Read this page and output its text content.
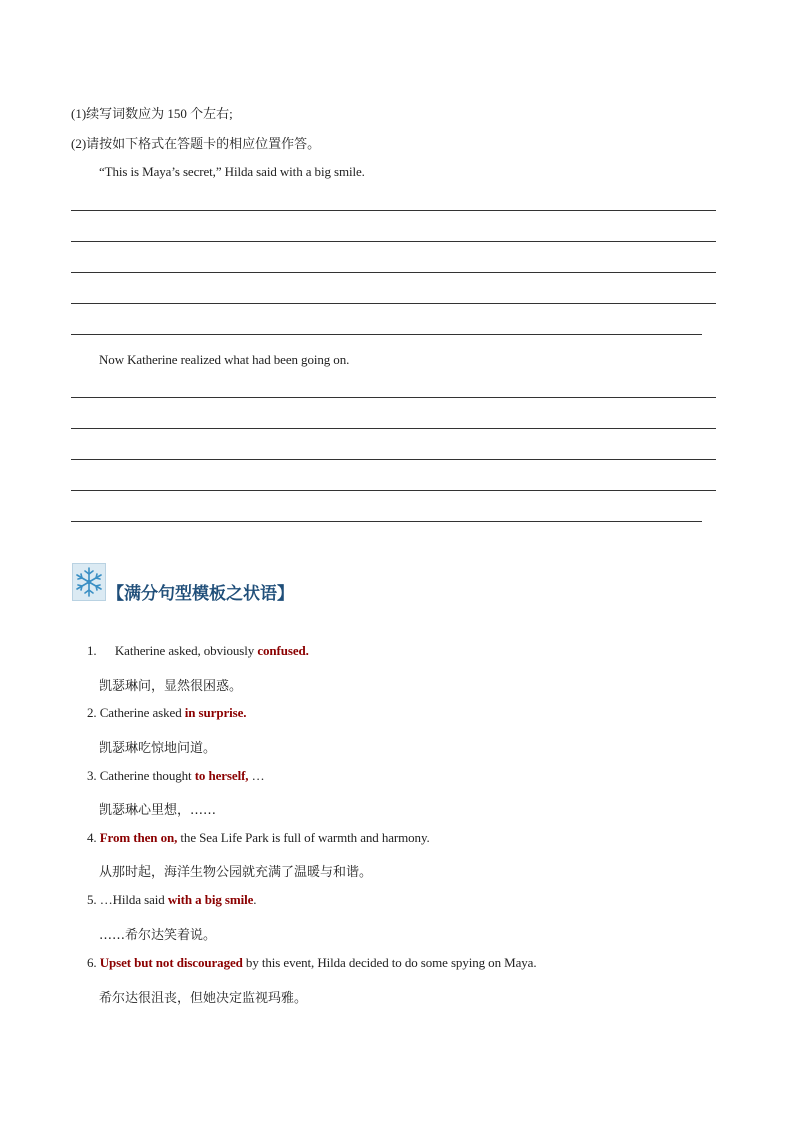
(1)续写词数应为 150 个左右;
(2)请按如下格式在答题卡的相应位置作答。
“This is Maya’s secret,” Hilda said with a big smile.
Now Katherine realized what had been going on.
【满分句型模板之状语】
1. Katherine asked, obviously confused.
凯瑟琳问，显然很困惑。
2. Catherine asked in surprise.
凯瑟琳吃惊地问道。
3. Catherine thought to herself, …
凯瑟琳心里想，……
4. From then on, the Sea Life Park is full of warmth and harmony.
从那时起，海洋生物公园就充满了温暖与和谐。
5. …Hilda said with a big smile.
……希尔达笑着说。
6. Upset but not discouraged by this event, Hilda decided to do some spying on Maya.
希尔达很沮丧，但她决定监视玛雅。
